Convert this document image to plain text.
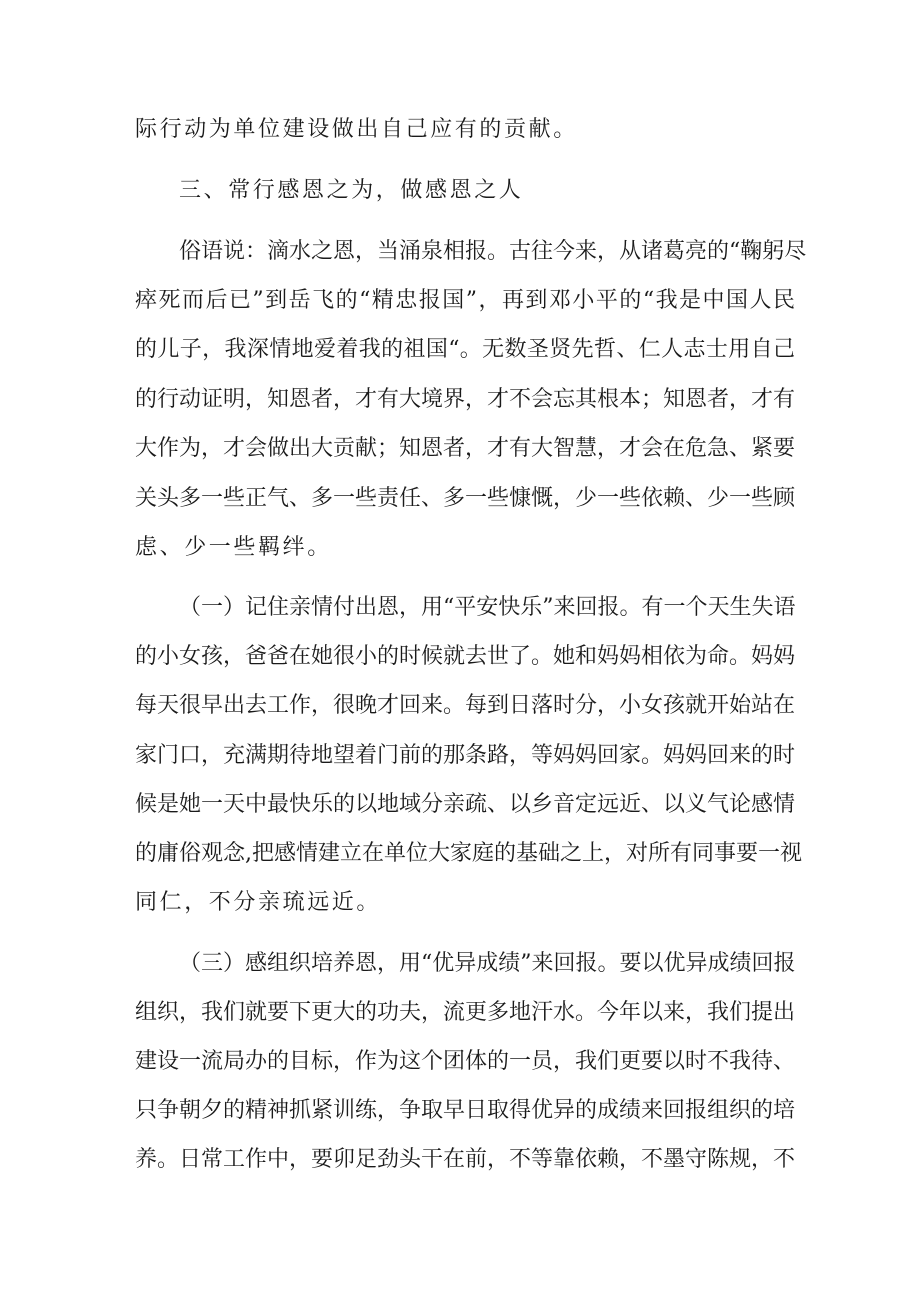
际行动为单位建设做出自己应有的贡献。
三、常行感恩之为，做感恩之人
俗语说：滴水之恩，当涌泉相报。古往今来，从诸葛亮的“鞠躬尽
瘁死而后已”到岳飞的“精忠报国”，再到邓小平的“我是中国人民
的儿子，我深情地爱着我的祖国“。无数圣贤先哲、仁人志士用自己
的行动证明，知恩者，才有大境界，才不会忘其根本；知恩者，才有
大作为，才会做出大贡献；知恩者，才有大智慧，才会在危急、紧要
关头多一些正气、多一些责任、多一些慷慨，少一些依赖、少一些顾
虑、少一些羁绊。
（一）记住亲情付出恩，用“平安快乐”来回报。有一个天生失语
的小女孩，爸爸在她很小的时候就去世了。她和妈妈相依为命。妈妈
每天很早出去工作，很晚才回来。每到日落时分，小女孩就开始站在
家门口，充满期待地望着门前的那条路，等妈妈回家。妈妈回来的时
候是她一天中最快乐的以地域分亲疏、以乡音定远近、以义气论感情
的庸俗观念,把感情建立在单位大家庭的基础之上，对所有同事要一视
同仁，不分亲琉远近。
（三）感组织培养恩，用“优异成绩”来回报。要以优异成绩回报
组织，我们就要下更大的功夫，流更多地汗水。今年以来，我们提出
建设一流局办的目标，作为这个团体的一员，我们更要以时不我待、
只争朝夕的精神抓紧训练，争取早日取得优异的成绩来回报组织的培
养。日常工作中，要卯足劲头干在前，不等靠依赖，不墨守陈规，不
